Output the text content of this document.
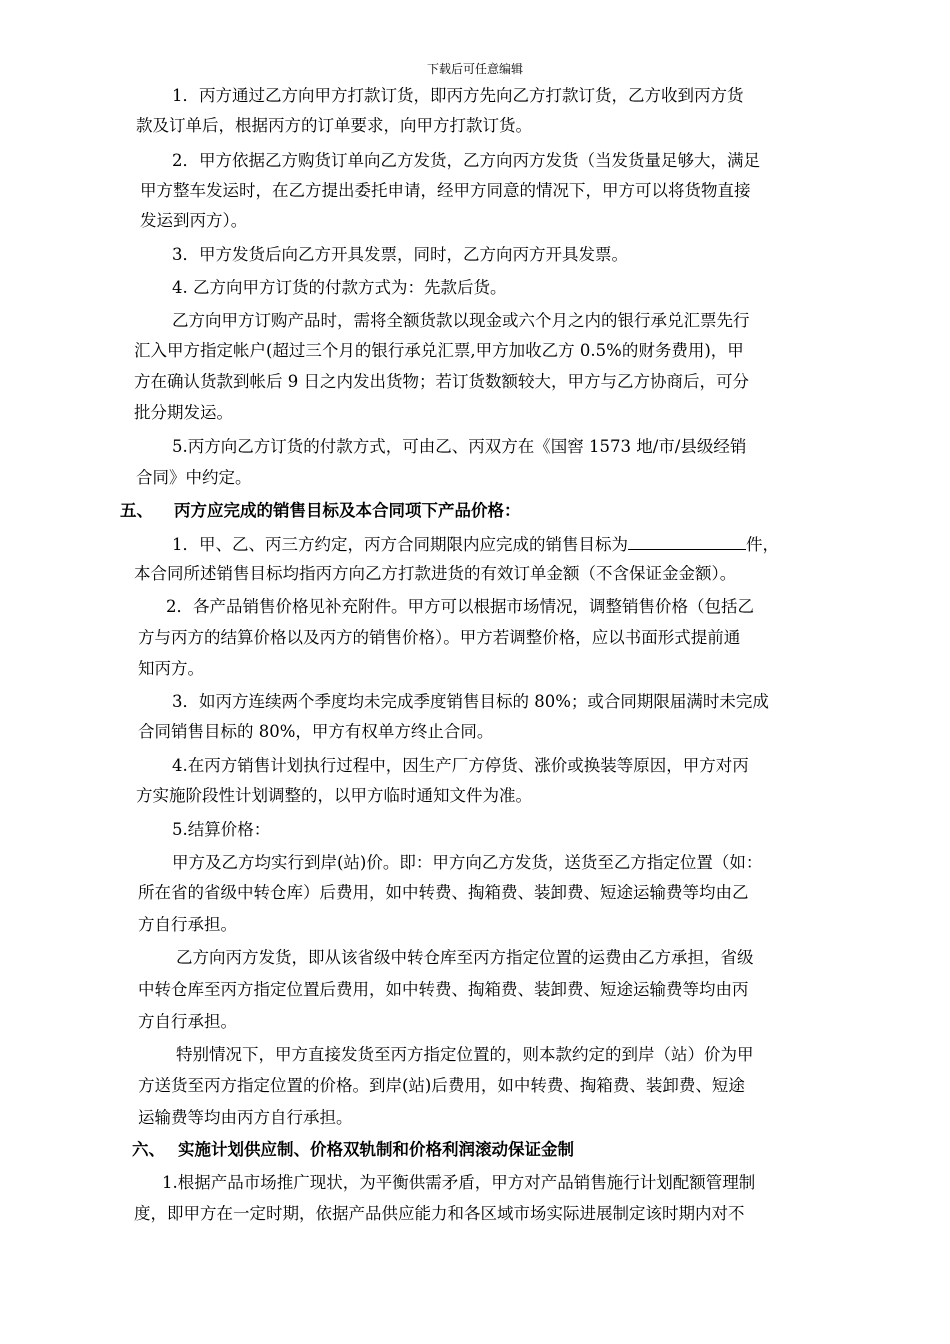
下载后可任意编辑
1．丙方通过乙方向甲方打款订货，即丙方先向乙方打款订货，乙方收到丙方货
款及订单后，根据丙方的订单要求，向甲方打款订货。
2．甲方依据乙方购货订单向乙方发货，乙方向丙方发货（当发货量足够大，满足
甲方整车发运时，在乙方提出委托申请，经甲方同意的情况下，甲方可以将货物直接
发运到丙方）。
3．甲方发货后向乙方开具发票，同时，乙方向丙方开具发票。
4. 乙方向甲方订货的付款方式为：先款后货。
乙方向甲方订购产品时，需将全额货款以现金或六个月之内的银行承兑汇票先行
汇入甲方指定帐户(超过三个月的银行承兑汇票,甲方加收乙方 0.5%的财务费用)，甲
方在确认货款到帐后 9 日之内发出货物；若订货数额较大，甲方与乙方协商后，可分
批分期发运。
5.丙方向乙方订货的付款方式，可由乙、丙双方在《国窖 1573 地/市/县级经销
合同》中约定。
五、 丙方应完成的销售目标及本合同项下产品价格：
1．甲、乙、丙三方约定，丙方合同期限内应完成的销售目标为	件，
本合同所述销售目标均指丙方向乙方打款进货的有效订单金额（不含保证金金额）。
2．各产品销售价格见补充附件。甲方可以根据市场情况，调整销售价格（包括乙
方与丙方的结算价格以及丙方的销售价格）。甲方若调整价格，应以书面形式提前通
知丙方。
3．如丙方连续两个季度均未完成季度销售目标的 80%；或合同期限届满时未完成
合同销售目标的 80%，甲方有权单方终止合同。
4.在丙方销售计划执行过程中，因生产厂方停货、涨价或换装等原因，甲方对丙
方实施阶段性计划调整的，以甲方临时通知文件为准。
5.结算价格：
甲方及乙方均实行到岸(站)价。即：甲方向乙方发货，送货至乙方指定位置（如：
所在省的省级中转仓库）后费用，如中转费、掏箱费、装卸费、短途运输费等均由乙
方自行承担。
乙方向丙方发货，即从该省级中转仓库至丙方指定位置的运费由乙方承担，省级
中转仓库至丙方指定位置后费用，如中转费、掏箱费、装卸费、短途运输费等均由丙
方自行承担。
特别情况下，甲方直接发货至丙方指定位置的，则本款约定的到岸（站）价为甲
方送货至丙方指定位置的价格。到岸(站)后费用，如中转费、掏箱费、装卸费、短途
运输费等均由丙方自行承担。
六、 实施计划供应制、价格双轨制和价格利润滚动保证金制
1.根据产品市场推广现状，为平衡供需矛盾，甲方对产品销售施行计划配额管理制
度，即甲方在一定时期，依据产品供应能力和各区域市场实际进展制定该时期内对不
